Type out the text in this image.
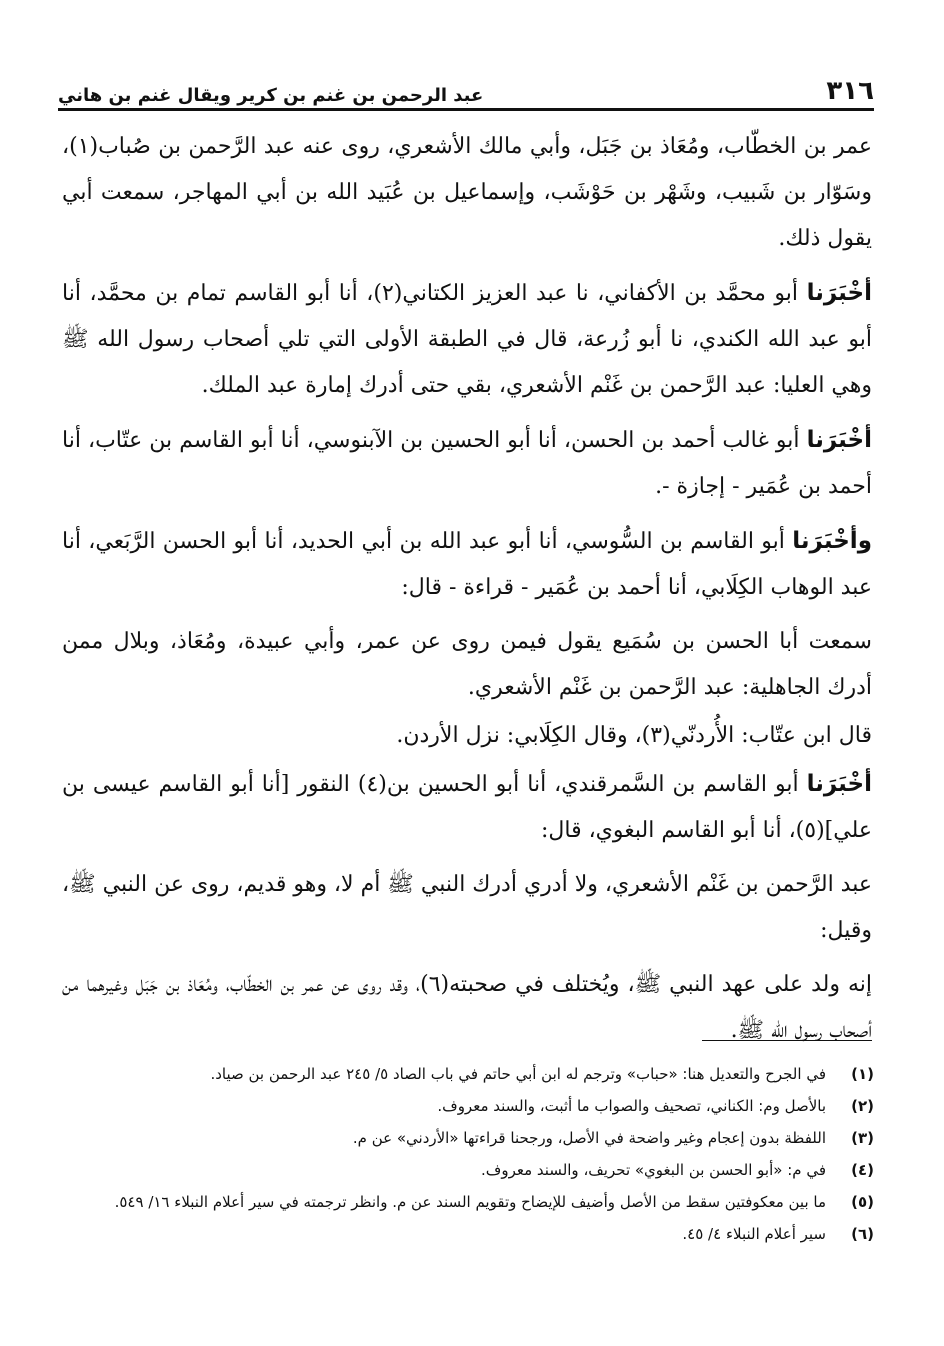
٣١٦
عبد الرحمن بن غنم بن كرير ويقال غنم بن هاني

عمر بن الخطّاب، ومُعَاذ بن جَبَل، وأبي مالك الأشعري، روى عنه عبد الرَّحمن بن صُباب(١)، وسَوّار بن شَبيب، وشَهْر بن حَوْشَب، وإسماعيل بن عُبَيد الله بن أبي المهاجر، سمعت أبي يقول ذلك.

أخْبَرَنا أبو محمَّد بن الأكفاني، نا عبد العزيز الكتاني(٢)، أنا أبو القاسم تمام بن محمَّد، أنا أبو عبد الله الكندي، نا أبو زُرعة، قال في الطبقة الأولى التي تلي أصحاب رسول الله ﷺ وهي العليا: عبد الرَّحمن بن غَنْم الأشعري، بقي حتى أدرك إمارة عبد الملك.

أخْبَرَنا أبو غالب أحمد بن الحسن، أنا أبو الحسين بن الآبنوسي، أنا أبو القاسم بن عتّاب، أنا أحمد بن عُمَير - إجازة -.

وأخْبَرَنا أبو القاسم بن السُّوسي، أنا أبو عبد الله بن أبي الحديد، أنا أبو الحسن الرَّبَعي، أنا عبد الوهاب الكِلَابي، أنا أحمد بن عُمَير - قراءة - قال:

سمعت أبا الحسن بن سُمَيع يقول فيمن روى عن عمر، وأبي عبيدة، ومُعَاذ، وبلال ممن أدرك الجاهلية: عبد الرَّحمن بن غَنْم الأشعري.

قال ابن عتّاب: الأُردنّي(٣)، وقال الكِلَابي: نزل الأردن.

أخْبَرَنا أبو القاسم بن السَّمرقندي، أنا أبو الحسين بن(٤) النقور [أنا أبو القاسم عيسى بن علي](٥)، أنا أبو القاسم البغوي، قال:

عبد الرَّحمن بن غَنْم الأشعري، ولا أدري أدرك النبي ﷺ أم لا، وهو قديم، روى عن النبي ﷺ، وقيل:

إنه ولد على عهد النبي ﷺ، ويُختلف في صحبته(٦)، وقد روى عن عمر بن الخطّاب، ومُعَاذ بن جَبَل وغيرهما من أصحاب رسول الله ﷺ.

(١)
في الجرح والتعديل هنا: «حباب» وترجم له ابن أبي حاتم في باب الصاد ٥/ ٢٤٥ عبد الرحمن بن صياد.
(٢)
بالأصل وم: الكناني، تصحيف والصواب ما أثبت، والسند معروف.
(٣)
اللفظة بدون إعجام وغير واضحة في الأصل، ورجحنا قراءتها «الأردني» عن م.
(٤)
في م: «أبو الحسن بن البغوي» تحريف، والسند معروف.
(٥)
ما بين معكوفتين سقط من الأصل وأضيف للإيضاح وتقويم السند عن م. وانظر ترجمته في سير أعلام النبلاء ١٦/ ٥٤٩.
(٦)
سير أعلام النبلاء ٤/ ٤٥.
